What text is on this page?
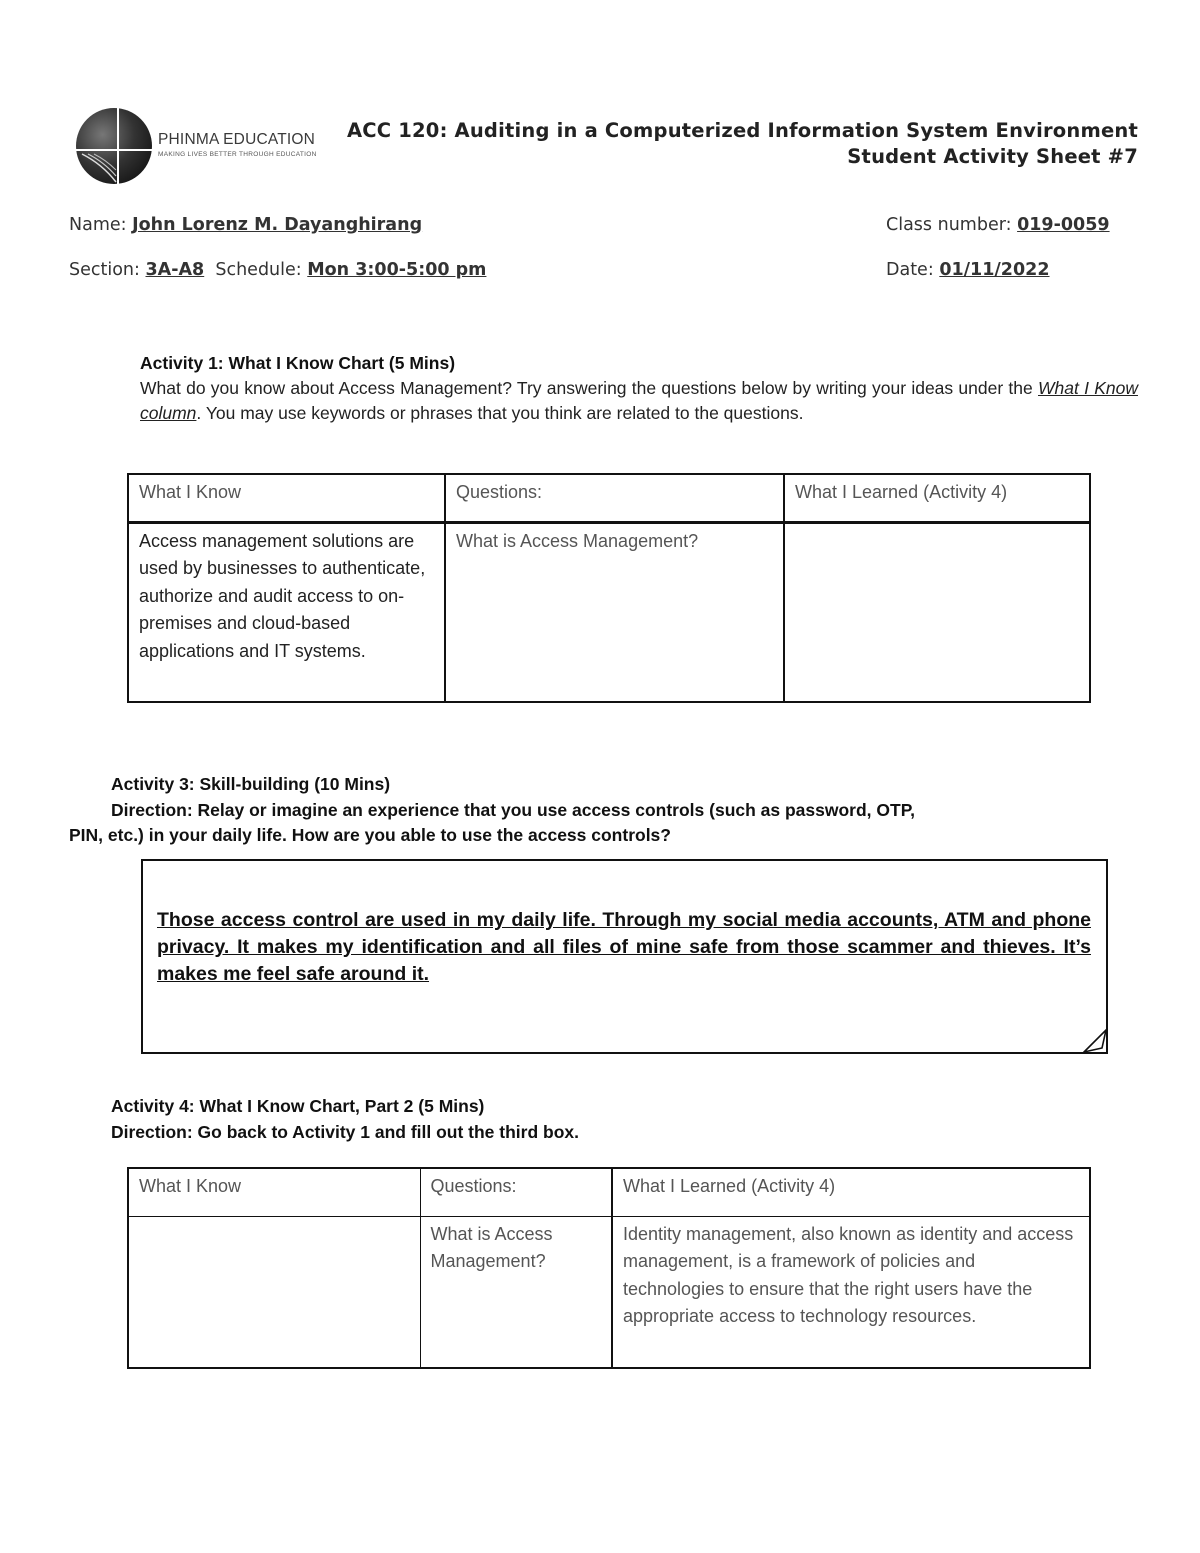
PHINMA EDUCATION
MAKING LIVES BETTER THROUGH EDUCATION
ACC 120: Auditing in a Computerized Information System Environment
Student Activity Sheet #7
Name: John Lorenz M. Dayanghirang	Class number: 019-0059
Section: 3A-A8 Schedule: Mon 3:00-5:00 pm	Date: 01/11/2022
Activity 1: What I Know Chart (5 Mins)
What do you know about Access Management? Try answering the questions below by writing your ideas under the What I Know column. You may use keywords or phrases that you think are related to the questions.
What I Know	Questions:	What I Learned (Activity 4)
Access management solutions are used by businesses to authenticate, authorize and audit access to on-premises and cloud-based applications and IT systems.	What is Access Management?	
Activity 3: Skill-building (10 Mins)
Direction: Relay or imagine an experience that you use access controls (such as password, OTP,
PIN, etc.) in your daily life. How are you able to use the access controls?
Those access control are used in my daily life. Through my social media accounts, ATM and phone privacy. It makes my identification and all files of mine safe from those scammer and thieves. It’s makes me feel safe around it.
Activity 4: What I Know Chart, Part 2 (5 Mins)
Direction: Go back to Activity 1 and fill out the third box.
What I Know	Questions:	What I Learned (Activity 4)
	What is Access Management?	Identity management, also known as identity and access management, is a framework of policies and technologies to ensure that the right users have the appropriate access to technology resources.
